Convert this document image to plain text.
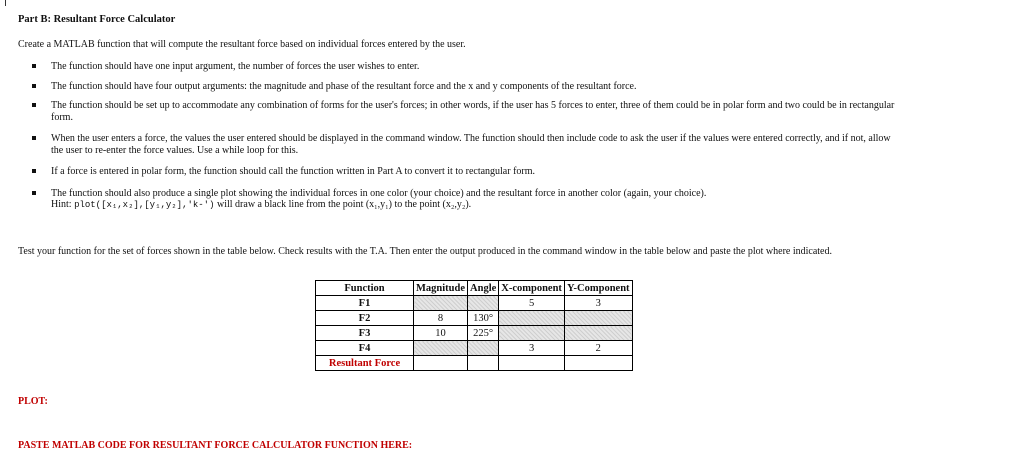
Part B: Resultant Force Calculator

Create a MATLAB function that will compute the resultant force based on individual forces entered by the user.

The function should have one input argument, the number of forces the user wishes to enter.
The function should have four output arguments: the magnitude and phase of the resultant force and the x and y components of the resultant force.
The function should be set up to accommodate any combination of forms for the user's forces; in other words, if the user has 5 forces to enter, three of them could be in polar form and two could be in rectangular
form.
When the user enters a force, the values the user entered should be displayed in the command window. The function should then include code to ask the user if the values were entered correctly, and if not, allow
the user to re-enter the force values. Use a while loop for this.
If a force is entered in polar form, the function should call the function written in Part A to convert it to rectangular form.
The function should also produce a single plot showing the individual forces in one color (your choice) and the resultant force in another color (again, your choice).
Hint: plot([x₁,x₂],[y₁,y₂],'k-') will draw a black line from the point (x₁,y₁) to the point (x₂,y₂).

Test your function for the set of forces shown in the table below. Check results with the T.A. Then enter the output produced in the command window in the table below and paste the plot where indicated.

Function	Magnitude	Angle	X-component	Y-Component
F1			5	3
F2	8	130°		
F3	10	225°		
F4			3	2
Resultant Force				

PLOT:

PASTE MATLAB CODE FOR RESULTANT FORCE CALCULATOR FUNCTION HERE:
